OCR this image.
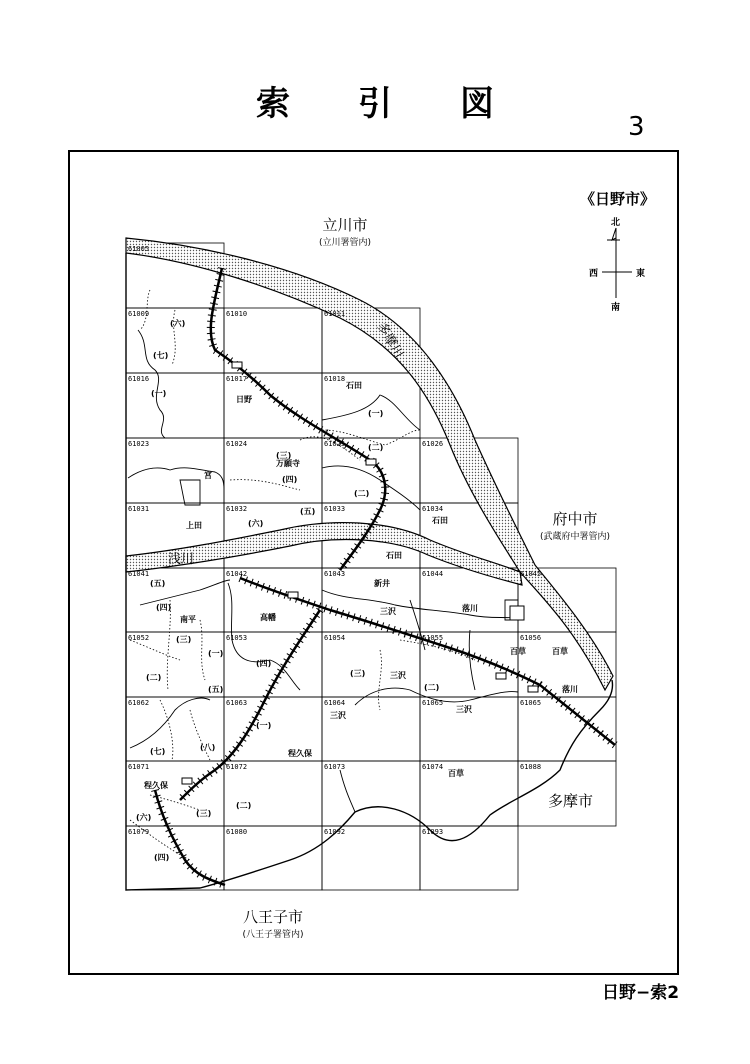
索 引 図
3
《日野市》
北
南
西	東
立川市
(立川署管内)
府中市
(武蔵府中署管内)
多摩市
八王子市
(八王子署管内)
多摩川
浅川
61005
61009	61010	61011
61016	61017	61018
61023	61024	61025	61026
61031	61032	61033	61034
61041	61042	61043	61044	61045
61052	61053	61054	61055	61056
61062	61063	61064	61065	61065
61071	61072	61073	61074	61088
61079	61080	61092	61093
石田
日野
万願寺
宮
上田
石田
石田
新井
高幡
南平
三沢	落川
百草	百草
三沢
三沢
三沢
落川
程久保
程久保
百草
(六)
(七)
(一)
(三)
(四)
(五)
(六)
(二)
(一)
(二)
(五)
(四)
(三)
(一)
(二)
(四)
(五)
(三)
(二)
(八)
(七)
(一)
(二)
(三)
(六)
(四)
日野−索2
